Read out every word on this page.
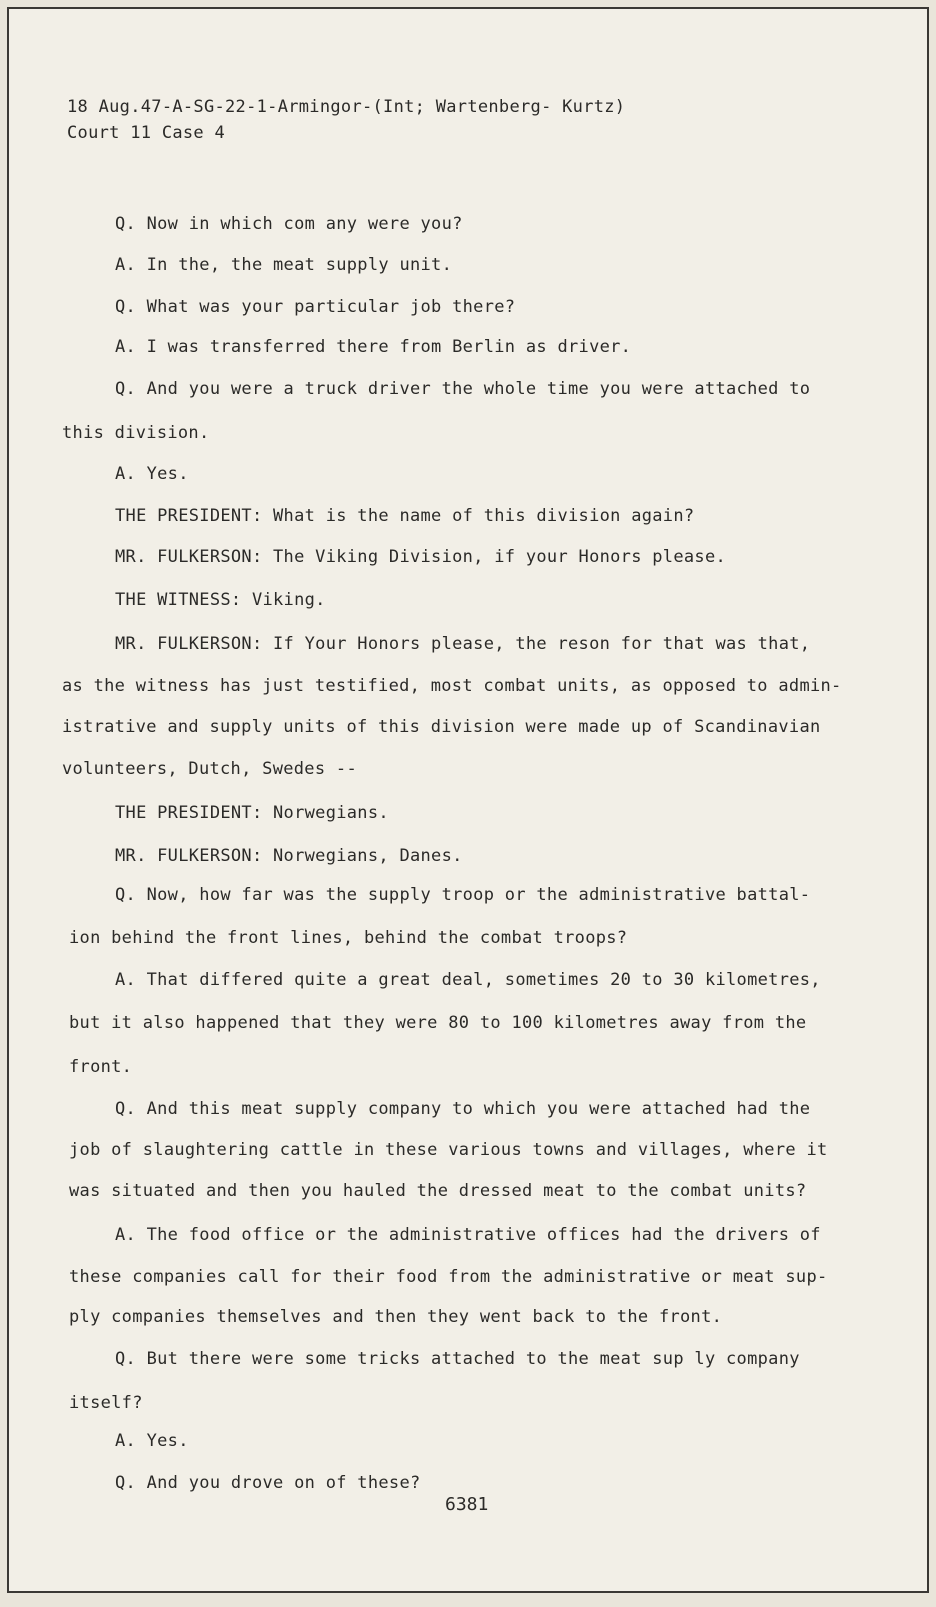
18 Aug.47-A-SG-22-1-Armingor-(Int; Wartenberg- Kurtz)
Court 11 Case 4
Q. Now in which com any were you?
A. In the, the meat supply unit.
Q. What was your particular job there?
A. I was transferred there from Berlin as driver.
Q. And you were a truck driver the whole time you were attached to
this division.
A. Yes.
THE PRESIDENT: What is the name of this division again?
MR. FULKERSON: The Viking Division, if your Honors please.
THE WITNESS: Viking.
MR. FULKERSON: If Your Honors please, the reson for that was that,
as the witness has just testified, most combat units, as opposed to admin-
istrative and supply units of this division were made up of Scandinavian
volunteers, Dutch, Swedes --
THE PRESIDENT: Norwegians.
MR. FULKERSON: Norwegians, Danes.
Q. Now, how far was the supply troop or the administrative battal-
ion behind the front lines, behind the combat troops?
A. That differed quite a great deal, sometimes 20 to 30 kilometres,
but it also happened that they were 80 to 100 kilometres away from the
front.
Q. And this meat supply company to which you were attached had the
job of slaughtering cattle in these various towns and villages, where it
was situated and then you hauled the dressed meat to the combat units?
A. The food office or the administrative offices had the drivers of
these companies call for their food from the administrative or meat sup-
ply companies themselves and then they went back to the front.
Q. But there were some tricks attached to the meat sup ly company
itself?
A. Yes.
Q. And you drove on of these?
6381
